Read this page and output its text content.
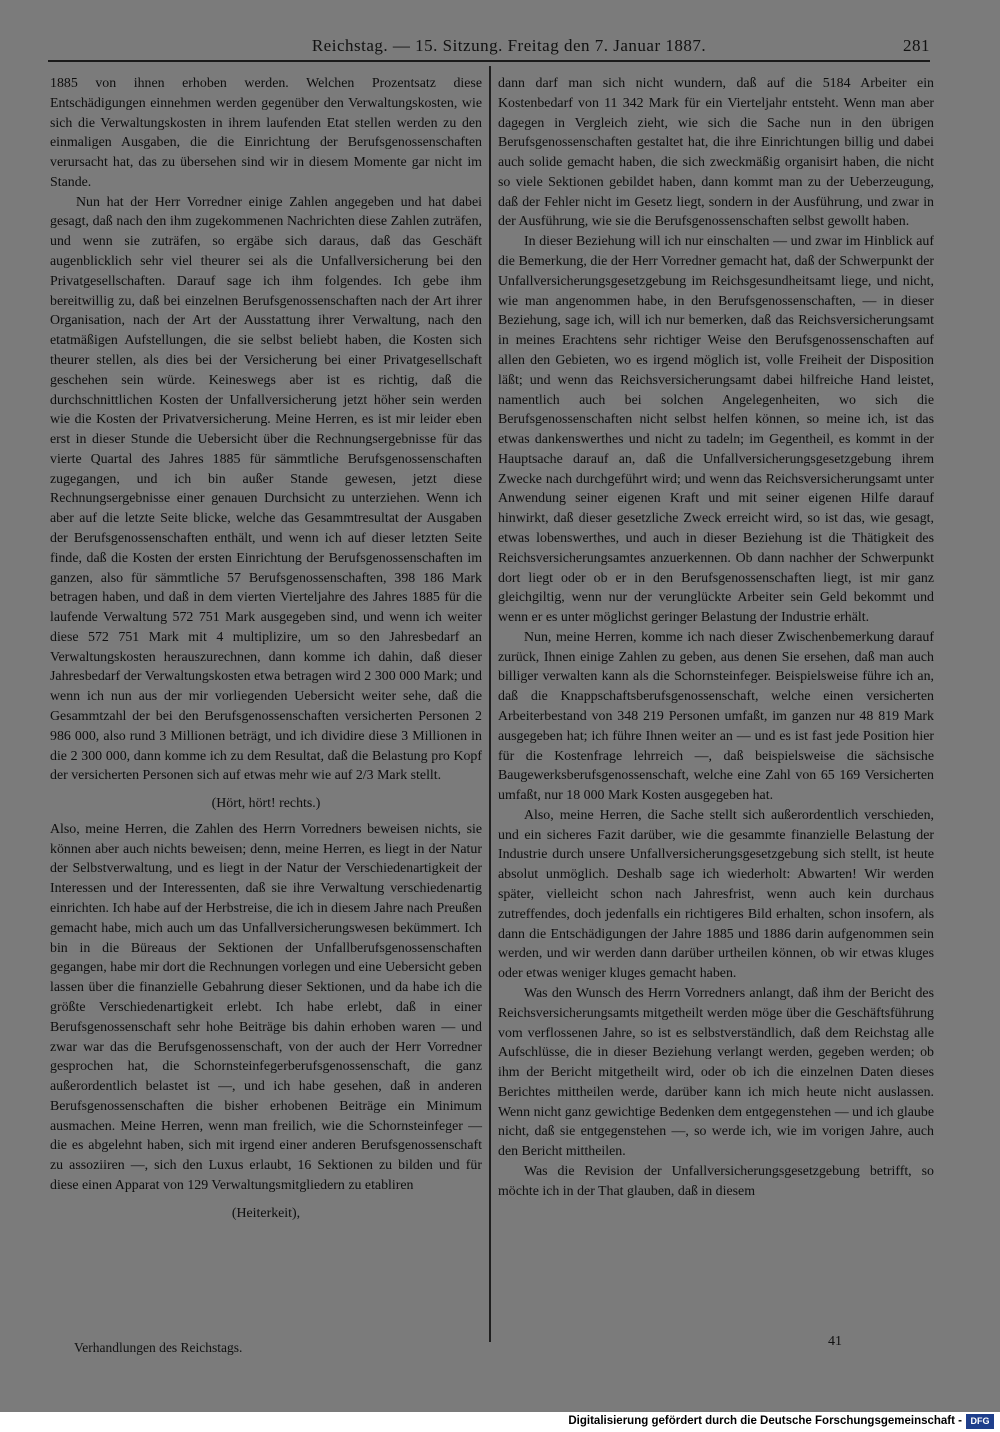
Reichstag. — 15. Sitzung. Freitag den 7. Januar 1887.	281

1885 von ihnen erhoben werden. Welchen Prozentsatz diese Entschädigungen einnehmen werden gegenüber den Verwaltungskosten, wie sich die Verwaltungskosten in ihrem laufenden Etat stellen werden zu den einmaligen Ausgaben, die die Einrichtung der Berufsgenossenschaften verursacht hat, das zu übersehen sind wir in diesem Momente gar nicht im Stande.

Nun hat der Herr Vorredner einige Zahlen angegeben und hat dabei gesagt, daß nach den ihm zugekommenen Nachrichten diese Zahlen zuträfen, und wenn sie zuträfen, so ergäbe sich daraus, daß das Geschäft augenblicklich sehr viel theurer sei als die Unfallversicherung bei den Privatgesellschaften. Darauf sage ich ihm folgendes. Ich gebe ihm bereitwillig zu, daß bei einzelnen Berufsgenossenschaften nach der Art ihrer Organisation, nach der Art der Ausstattung ihrer Verwaltung, nach den etatmäßigen Aufstellungen, die sie selbst beliebt haben, die Kosten sich theurer stellen, als dies bei der Versicherung bei einer Privatgesellschaft geschehen sein würde. Keineswegs aber ist es richtig, daß die durchschnittlichen Kosten der Unfallversicherung jetzt höher sein werden wie die Kosten der Privatversicherung. Meine Herren, es ist mir leider eben erst in dieser Stunde die Uebersicht über die Rechnungsergebnisse für das vierte Quartal des Jahres 1885 für sämmtliche Berufsgenossenschaften zugegangen, und ich bin außer Stande gewesen, jetzt diese Rechnungsergebnisse einer genauen Durchsicht zu unterziehen. Wenn ich aber auf die letzte Seite blicke, welche das Gesammtresultat der Ausgaben der Berufsgenossenschaften enthält, und wenn ich auf dieser letzten Seite finde, daß die Kosten der ersten Einrichtung der Berufsgenossenschaften im ganzen, also für sämmtliche 57 Berufsgenossenschaften, 398 186 Mark betragen haben, und daß in dem vierten Vierteljahre des Jahres 1885 für die laufende Verwaltung 572 751 Mark ausgegeben sind, und wenn ich weiter diese 572 751 Mark mit 4 multiplizire, um so den Jahresbedarf an Verwaltungskosten herauszurechnen, dann komme ich dahin, daß dieser Jahresbedarf der Verwaltungskosten etwa betragen wird 2 300 000 Mark; und wenn ich nun aus der mir vorliegenden Uebersicht weiter sehe, daß die Gesammtzahl der bei den Berufsgenossenschaften versicherten Personen 2 986 000, also rund 3 Millionen beträgt, und ich dividire diese 3 Millionen in die 2 300 000, dann komme ich zu dem Resultat, daß die Belastung pro Kopf der versicherten Personen sich auf etwas mehr wie auf 2/3 Mark stellt.

(Hört, hört! rechts.)

Also, meine Herren, die Zahlen des Herrn Vorredners beweisen nichts, sie können aber auch nichts beweisen; denn, meine Herren, es liegt in der Natur der Selbstverwaltung, und es liegt in der Natur der Verschiedenartigkeit der Interessen und der Interessenten, daß sie ihre Verwaltung verschiedenartig einrichten. Ich habe auf der Herbstreise, die ich in diesem Jahre nach Preußen gemacht habe, mich auch um das Unfallversicherungswesen bekümmert. Ich bin in die Büreaus der Sektionen der Unfallberufsgenossenschaften gegangen, habe mir dort die Rechnungen vorlegen und eine Uebersicht geben lassen über die finanzielle Gebahrung dieser Sektionen, und da habe ich die größte Verschiedenartigkeit erlebt. Ich habe erlebt, daß in einer Berufsgenossenschaft sehr hohe Beiträge bis dahin erhoben waren — und zwar war das die Berufsgenossenschaft, von der auch der Herr Vorredner gesprochen hat, die Schornsteinfegerberufsgenossenschaft, die ganz außerordentlich belastet ist —, und ich habe gesehen, daß in anderen Berufsgenossenschaften die bisher erhobenen Beiträge ein Minimum ausmachen. Meine Herren, wenn man freilich, wie die Schornsteinfeger — die es abgelehnt haben, sich mit irgend einer anderen Berufsgenossenschaft zu assoziiren —, sich den Luxus erlaubt, 16 Sektionen zu bilden und für diese einen Apparat von 129 Verwaltungsmitgliedern zu etabliren

(Heiterkeit),

dann darf man sich nicht wundern, daß auf die 5184 Arbeiter ein Kostenbedarf von 11 342 Mark für ein Vierteljahr entsteht. Wenn man aber dagegen in Vergleich zieht, wie sich die Sache nun in den übrigen Berufsgenossenschaften gestaltet hat, die ihre Einrichtungen billig und dabei auch solide gemacht haben, die sich zweckmäßig organisirt haben, die nicht so viele Sektionen gebildet haben, dann kommt man zu der Ueberzeugung, daß der Fehler nicht im Gesetz liegt, sondern in der Ausführung, und zwar in der Ausführung, wie sie die Berufsgenossenschaften selbst gewollt haben.

In dieser Beziehung will ich nur einschalten — und zwar im Hinblick auf die Bemerkung, die der Herr Vorredner gemacht hat, daß der Schwerpunkt der Unfallversicherungsgesetzgebung im Reichsgesundheitsamt liege, und nicht, wie man angenommen habe, in den Berufsgenossenschaften, — in dieser Beziehung, sage ich, will ich nur bemerken, daß das Reichsversicherungsamt in meines Erachtens sehr richtiger Weise den Berufsgenossenschaften auf allen den Gebieten, wo es irgend möglich ist, volle Freiheit der Disposition läßt; und wenn das Reichsversicherungsamt dabei hilfreiche Hand leistet, namentlich auch bei solchen Angelegenheiten, wo sich die Berufsgenossenschaften nicht selbst helfen können, so meine ich, ist das etwas dankenswerthes und nicht zu tadeln; im Gegentheil, es kommt in der Hauptsache darauf an, daß die Unfallversicherungsgesetzgebung ihrem Zwecke nach durchgeführt wird; und wenn das Reichsversicherungsamt unter Anwendung seiner eigenen Kraft und mit seiner eigenen Hilfe darauf hinwirkt, daß dieser gesetzliche Zweck erreicht wird, so ist das, wie gesagt, etwas lobenswerthes, und auch in dieser Beziehung ist die Thätigkeit des Reichsversicherungsamtes anzuerkennen. Ob dann nachher der Schwerpunkt dort liegt oder ob er in den Berufsgenossenschaften liegt, ist mir ganz gleichgiltig, wenn nur der verunglückte Arbeiter sein Geld bekommt und wenn er es unter möglichst geringer Belastung der Industrie erhält.

Nun, meine Herren, komme ich nach dieser Zwischenbemerkung darauf zurück, Ihnen einige Zahlen zu geben, aus denen Sie ersehen, daß man auch billiger verwalten kann als die Schornsteinfeger. Beispielsweise führe ich an, daß die Knappschaftsberufsgenossenschaft, welche einen versicherten Arbeiterbestand von 348 219 Personen umfaßt, im ganzen nur 48 819 Mark ausgegeben hat; ich führe Ihnen weiter an — und es ist fast jede Position hier für die Kostenfrage lehrreich —, daß beispielsweise die sächsische Baugewerksberufsgenossenschaft, welche eine Zahl von 65 169 Versicherten umfaßt, nur 18 000 Mark Kosten ausgegeben hat.

Also, meine Herren, die Sache stellt sich außerordentlich verschieden, und ein sicheres Fazit darüber, wie die gesammte finanzielle Belastung der Industrie durch unsere Unfallversicherungsgesetzgebung sich stellt, ist heute absolut unmöglich. Deshalb sage ich wiederholt: Abwarten! Wir werden später, vielleicht schon nach Jahresfrist, wenn auch kein durchaus zutreffendes, doch jedenfalls ein richtigeres Bild erhalten, schon insofern, als dann die Entschädigungen der Jahre 1885 und 1886 darin aufgenommen sein werden, und wir werden dann darüber urtheilen können, ob wir etwas kluges oder etwas weniger kluges gemacht haben.

Was den Wunsch des Herrn Vorredners anlangt, daß ihm der Bericht des Reichsversicherungsamts mitgetheilt werden möge über die Geschäftsführung vom verflossenen Jahre, so ist es selbstverständlich, daß dem Reichstag alle Aufschlüsse, die in dieser Beziehung verlangt werden, gegeben werden; ob ihm der Bericht mitgetheilt wird, oder ob ich die einzelnen Daten dieses Berichtes mittheilen werde, darüber kann ich mich heute nicht auslassen. Wenn nicht ganz gewichtige Bedenken dem entgegenstehen — und ich glaube nicht, daß sie entgegenstehen —, so werde ich, wie im vorigen Jahre, auch den Bericht mittheilen.

Was die Revision der Unfallversicherungsgesetzgebung betrifft, so möchte ich in der That glauben, daß in diesem

Verhandlungen des Reichstags.	41
Digitalisierung gefördert durch die Deutsche Forschungsgemeinschaft - DFG
